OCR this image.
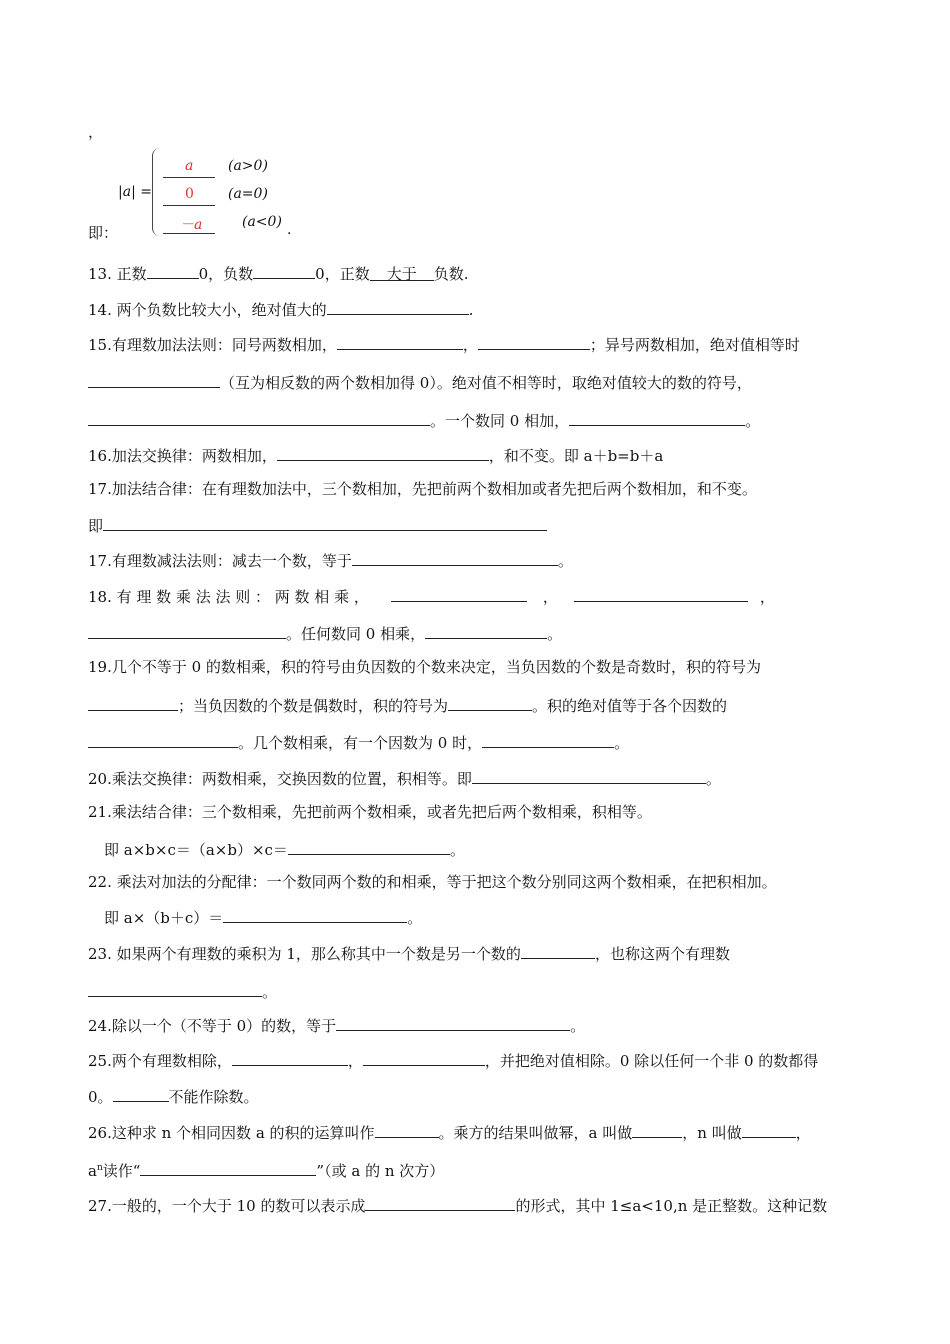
，
即：
|a| =
a (a>0)
0 (a=0)
－a	(a<0) .
13. 正数	0，负数	0，正数 大于 负数.
14. 两个负数比较大小，绝对值大的	.
15.有理数加法法则：同号两数相加，	，	；异号两数相加，绝对值相等时
（互为相反数的两个数相加得 0）。绝对值不相等时，取绝对值较大的数的符号，
。一个数同 0 相加，	。
16.加法交换律：两数相加，	，和不变。即 a＋b=b＋a
17.加法结合律：在有理数加法中，三个数相加，先把前两个数相加或者先把后两个数相加，和不变。
即
17.有理数减法法则：减去一个数，等于	。
18. 有 理 数 乘 法 法 则 ： 两 数 相 乘 ，	，	，
。任何数同 0 相乘，	。
19.几个不等于 0 的数相乘，积的符号由负因数的个数来决定，当负因数的个数是奇数时，积的符号为
；当负因数的个数是偶数时，积的符号为	。积的绝对值等于各个因数的
。几个数相乘，有一个因数为 0 时，	。
20.乘法交换律：两数相乘，交换因数的位置，积相等。即	。
21.乘法结合律：三个数相乘，先把前两个数相乘，或者先把后两个数相乘，积相等。
即 a×b×c＝（a×b）×c＝	。
22. 乘法对加法的分配律：一个数同两个数的和相乘，等于把这个数分别同这两个数相乘，在把积相加。
即 a×（b＋c）＝	。
23. 如果两个有理数的乘积为 1，那么称其中一个数是另一个数的	，也称这两个有理数
。
24.除以一个（不等于 0）的数，等于	。
25.两个有理数相除，	，	，并把绝对值相除。0 除以任何一个非 0 的数都得
0。	不能作除数。
26.这种求 n 个相同因数 a 的积的运算叫作	。乘方的结果叫做幂，a 叫做	，n 叫做	，
$a^n$读作“	”（或 a 的 n 次方）
27.一般的，一个大于 10 的数可以表示成	的形式，其中 1≤a<10,n 是正整数。这种记数
